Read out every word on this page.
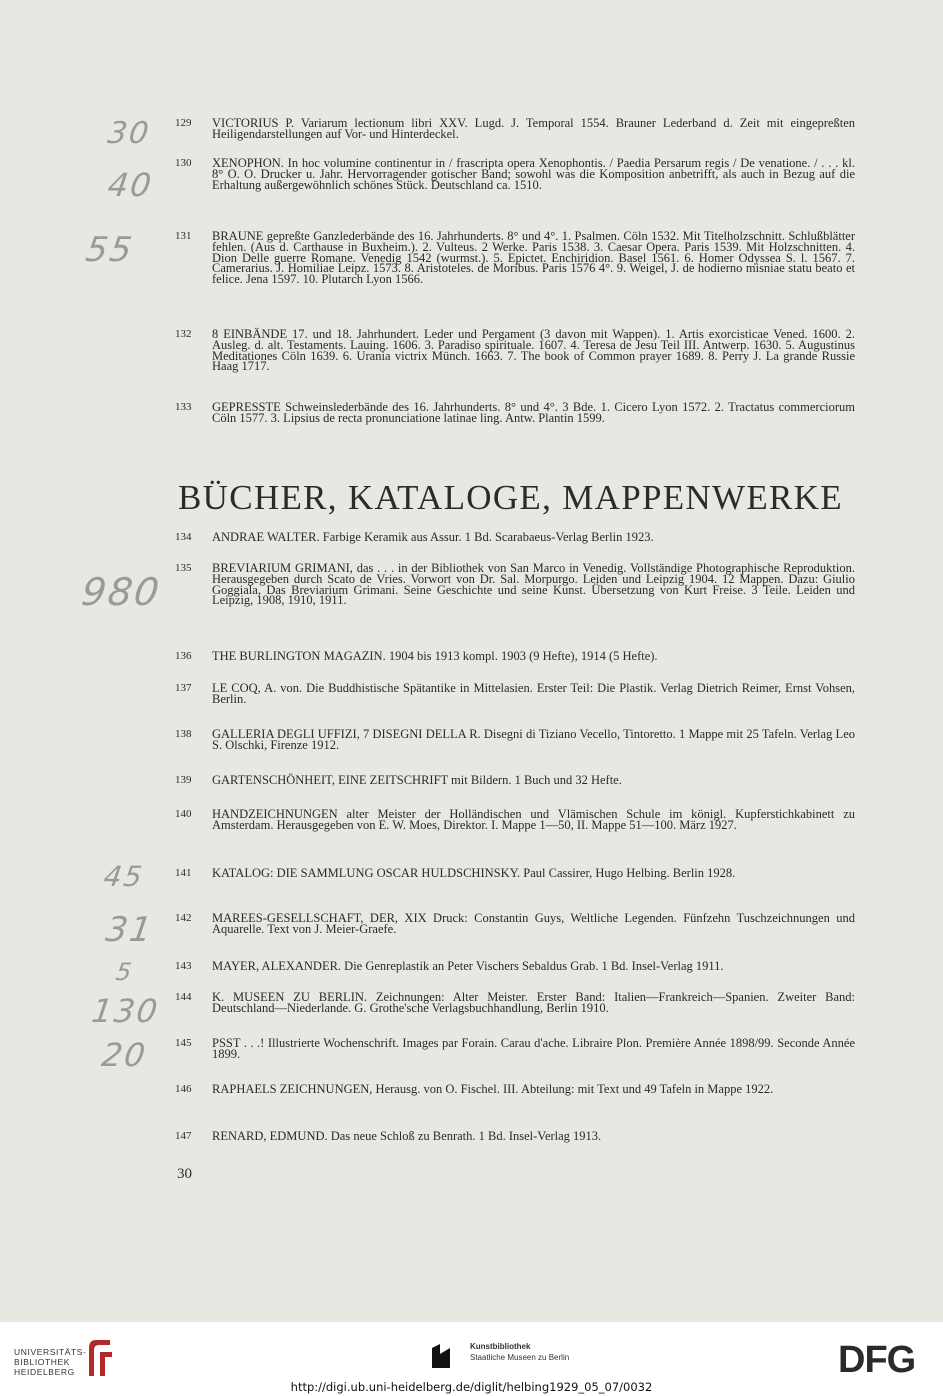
129	VICTORIUS P. Variarum lectionum libri XXV. Lugd. J. Temporal 1554. Brauner Lederband d. Zeit mit eingepreßten Heiligendarstellungen auf Vor- und Hinterdeckel.
130	XENOPHON. In hoc volumine continentur in / frascripta opera Xenophontis. / Paedia Persarum regis / De venatione. / . . . kl. 8° O. O. Drucker u. Jahr. Hervorragender gotischer Band; sowohl was die Komposition anbetrifft, als auch in Bezug auf die Erhaltung außergewöhnlich schönes Stück. Deutschland ca. 1510.
131	BRAUNE gepreßte Ganzlederbände des 16. Jahrhunderts. 8° und 4°. 1. Psalmen. Cöln 1532. Mit Titelholzschnitt. Schlußblätter fehlen. (Aus d. Carthause in Buxheim.). 2. Vulteus. 2 Werke. Paris 1538. 3. Caesar Opera. Paris 1539. Mit Holzschnitten. 4. Dion Delle guerre Romane. Venedig 1542 (wurmst.). 5. Epictet. Enchiridion. Basel 1561. 6. Homer Odyssea S. l. 1567. 7. Camerarius. J. Homiliae Leipz. 1573. 8. Aristoteles. de Moribus. Paris 1576 4°. 9. Weigel, J. de hodierno misniae statu beato et felice. Jena 1597. 10. Plutarch Lyon 1566.
132	8 EINBÄNDE 17. und 18. Jahrhundert. Leder und Pergament (3 davon mit Wappen). 1. Artis exorcisticae Vened. 1600. 2. Ausleg. d. alt. Testaments. Lauing. 1606. 3. Paradiso spirituale. 1607. 4. Teresa de Jesu Teil III. Antwerp. 1630. 5. Augustinus Meditationes Cöln 1639. 6. Urania victrix Münch. 1663. 7. The book of Common prayer 1689. 8. Perry J. La grande Russie Haag 1717.
133	GEPRESSTE Schweinslederbände des 16. Jahrhunderts. 8° und 4°. 3 Bde. 1. Cicero Lyon 1572. 2. Tractatus commerciorum Cöln 1577. 3. Lipsius de recta pronunciatione latinae ling. Antw. Plantin 1599.
BÜCHER, KATALOGE, MAPPENWERKE
134	ANDRAE WALTER. Farbige Keramik aus Assur. 1 Bd. Scarabaeus-Verlag Berlin 1923.
135	BREVIARIUM GRIMANI, das . . . in der Bibliothek von San Marco in Venedig. Vollständige Photographische Reproduktion. Herausgegeben durch Scato de Vries. Vorwort von Dr. Sal. Morpurgo. Leiden und Leipzig 1904. 12 Mappen. Dazu: Giulio Goggiala, Das Breviarium Grimani. Seine Geschichte und seine Kunst. Übersetzung von Kurt Freise. 3 Teile. Leiden und Leipzig, 1908, 1910, 1911.
136	THE BURLINGTON MAGAZIN. 1904 bis 1913 kompl. 1903 (9 Hefte), 1914 (5 Hefte).
137	LE COQ, A. von. Die Buddhistische Spätantike in Mittelasien. Erster Teil: Die Plastik. Verlag Dietrich Reimer, Ernst Vohsen, Berlin.
138	GALLERIA DEGLI UFFIZI, 7 DISEGNI DELLA R. Disegni di Tiziano Vecello, Tintoretto. 1 Mappe mit 25 Tafeln. Verlag Leo S. Olschki, Firenze 1912.
139	GARTENSCHÖNHEIT, EINE ZEITSCHRIFT mit Bildern. 1 Buch und 32 Hefte.
140	HANDZEICHNUNGEN alter Meister der Holländischen und Vlämischen Schule im königl. Kupferstichkabinett zu Amsterdam. Herausgegeben von E. W. Moes, Direktor. I. Mappe 1—50, II. Mappe 51—100. März 1927.
141	KATALOG: DIE SAMMLUNG OSCAR HULDSCHINSKY. Paul Cassirer, Hugo Helbing. Berlin 1928.
142	MAREES-GESELLSCHAFT, DER, XIX Druck: Constantin Guys, Weltliche Legenden. Fünfzehn Tuschzeichnungen und Aquarelle. Text von J. Meier-Graefe.
143	MAYER, ALEXANDER. Die Genreplastik an Peter Vischers Sebaldus Grab. 1 Bd. Insel-Verlag 1911.
144	K. MUSEEN ZU BERLIN. Zeichnungen: Alter Meister. Erster Band: Italien—Frankreich—Spanien. Zweiter Band: Deutschland—Niederlande. G. Grothe'sche Verlagsbuchhandlung, Berlin 1910.
145	PSST . . .! Illustrierte Wochenschrift. Images par Forain. Carau d'ache. Libraire Plon. Première Année 1898/99. Seconde Année 1899.
146	RAPHAELS ZEICHNUNGEN, Herausg. von O. Fischel. III. Abteilung: mit Text und 49 Tafeln in Mappe 1922.
147	RENARD, EDMUND. Das neue Schloß zu Benrath. 1 Bd. Insel-Verlag 1913.
30
40
55
980
45
31
5
130
20
30
UNIVERSITÄTS-
BIBLIOTHEK
HEIDELBERG
Kunstbibliothek
Staatliche Museen zu Berlin	DFG
http://digi.ub.uni-heidelberg.de/diglit/helbing1929_05_07/0032
